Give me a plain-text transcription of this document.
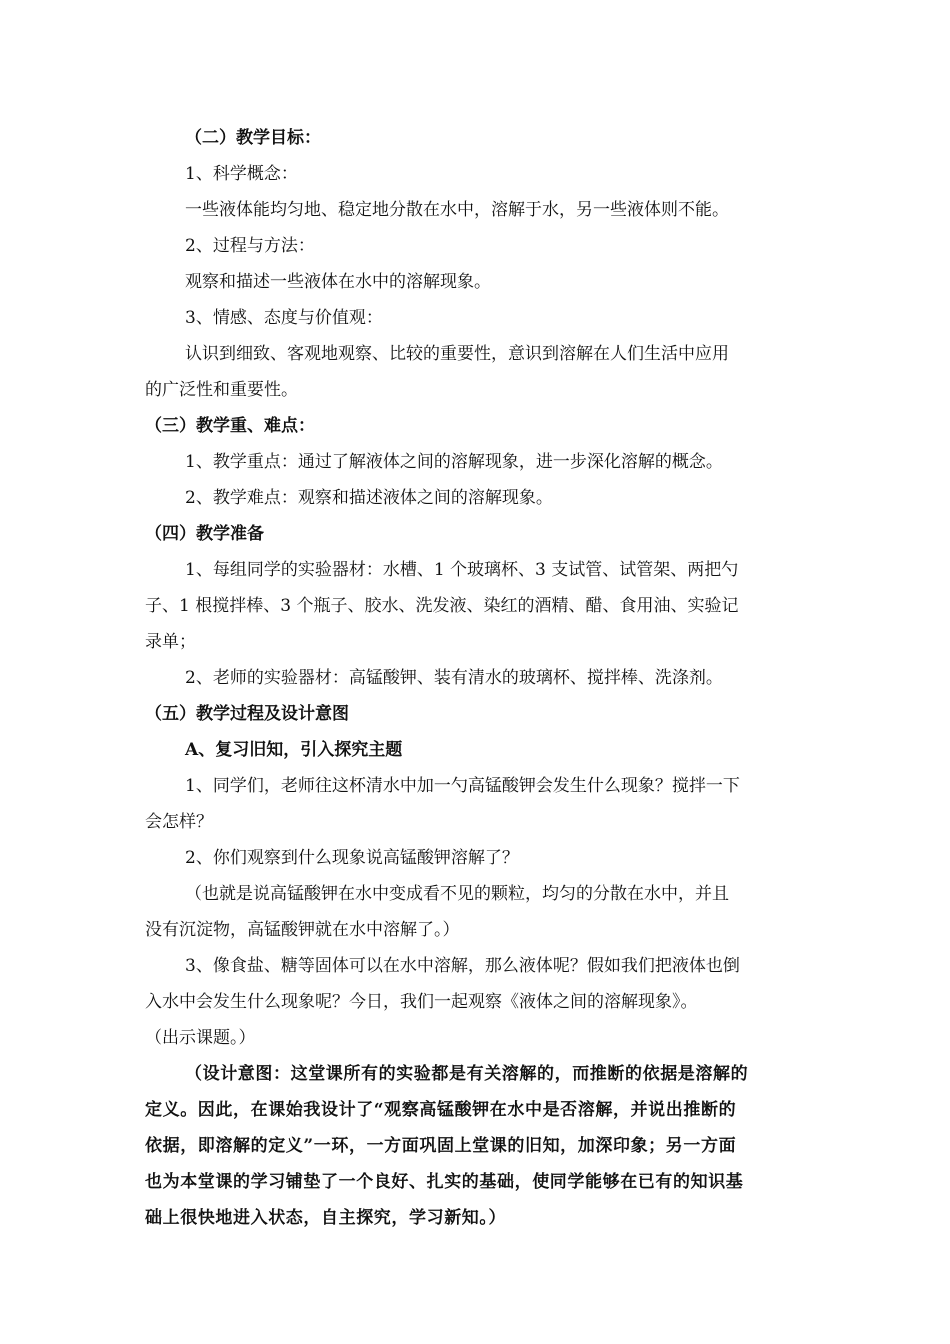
（二）教学目标：
1、科学概念：
一些液体能均匀地、稳定地分散在水中，溶解于水，另一些液体则不能。
2、过程与方法：
观察和描述一些液体在水中的溶解现象。
3、情感、态度与价值观：
认识到细致、客观地观察、比较的重要性，意识到溶解在人们生活中应用
的广泛性和重要性。
（三）教学重、难点：
1、教学重点：通过了解液体之间的溶解现象，进一步深化溶解的概念。
2、教学难点：观察和描述液体之间的溶解现象。
（四）教学准备
1、每组同学的实验器材：水槽、1 个玻璃杯、3 支试管、试管架、两把勺
子、1 根搅拌棒、3 个瓶子、胶水、洗发液、染红的酒精、醋、食用油、实验记
录单；
2、老师的实验器材：高锰酸钾、装有清水的玻璃杯、搅拌棒、洗涤剂。
（五）教学过程及设计意图
A、复习旧知，引入探究主题
1、同学们，老师往这杯清水中加一勺高锰酸钾会发生什么现象？搅拌一下
会怎样？
2、你们观察到什么现象说高锰酸钾溶解了？
（也就是说高锰酸钾在水中变成看不见的颗粒，均匀的分散在水中，并且
没有沉淀物，高锰酸钾就在水中溶解了。）
3、像食盐、糖等固体可以在水中溶解，那么液体呢？假如我们把液体也倒
入水中会发生什么现象呢？今日，我们一起观察《液体之间的溶解现象》。
（出示课题。）
（设计意图：这堂课所有的实验都是有关溶解的，而推断的依据是溶解的
定义。因此，在课始我设计了“观察高锰酸钾在水中是否溶解，并说出推断的
依据，即溶解的定义”一环，一方面巩固上堂课的旧知，加深印象；另一方面
也为本堂课的学习铺垫了一个良好、扎实的基础，使同学能够在已有的知识基
础上很快地进入状态，自主探究，学习新知。）
